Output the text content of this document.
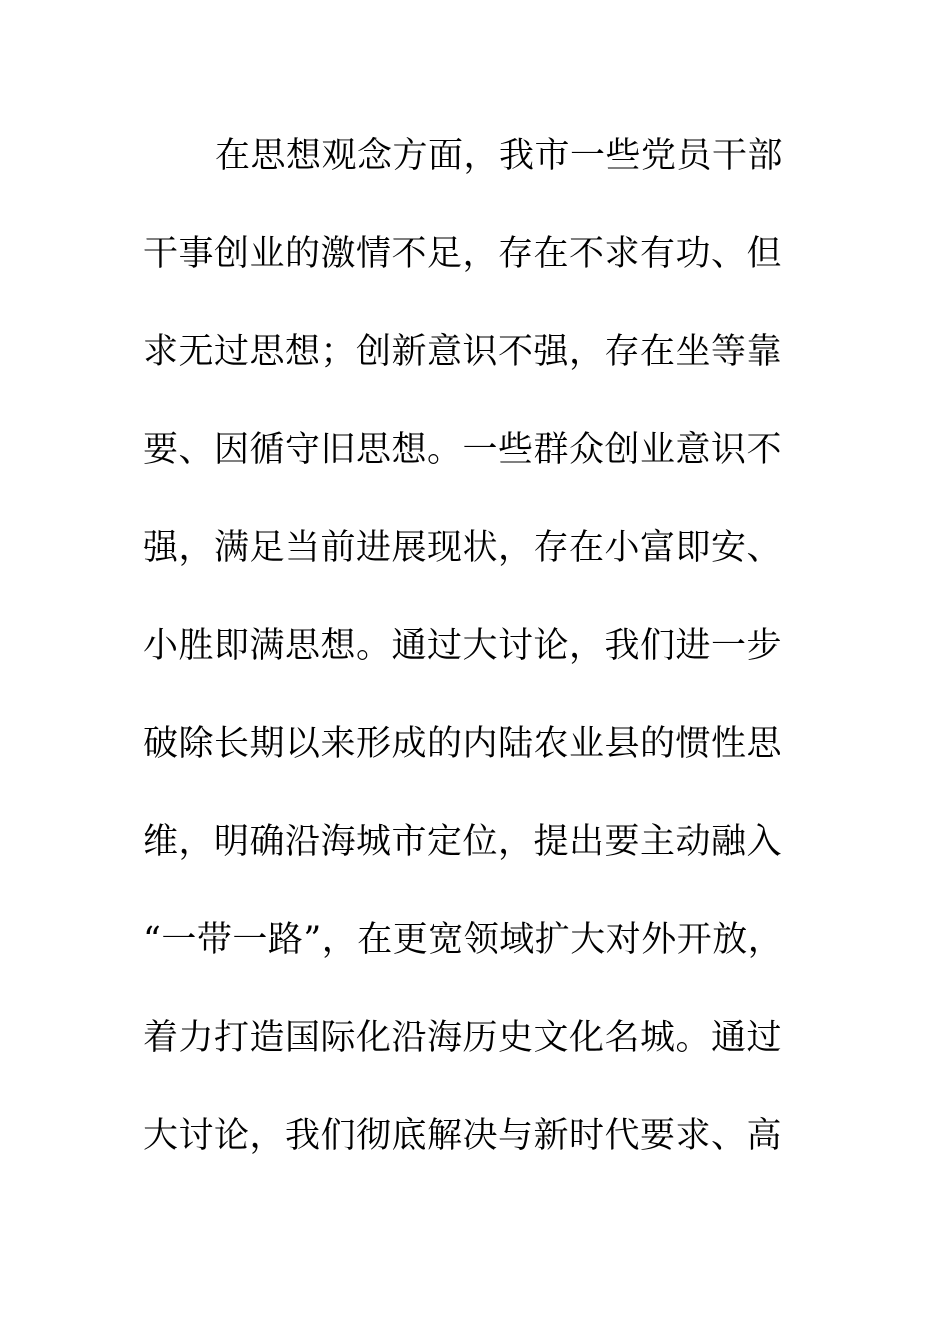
在思想观念方面，我市一些党员干部
干事创业的激情不足，存在不求有功、但
求无过思想；创新意识不强，存在坐等靠
要、因循守旧思想。一些群众创业意识不
强，满足当前进展现状，存在小富即安、
小胜即满思想。通过大讨论，我们进一步
破除长期以来形成的内陆农业县的惯性思
维，明确沿海城市定位，提出要主动融入
“一带一路”，在更宽领域扩大对外开放，
着力打造国际化沿海历史文化名城。通过
大讨论，我们彻底解决与新时代要求、高
